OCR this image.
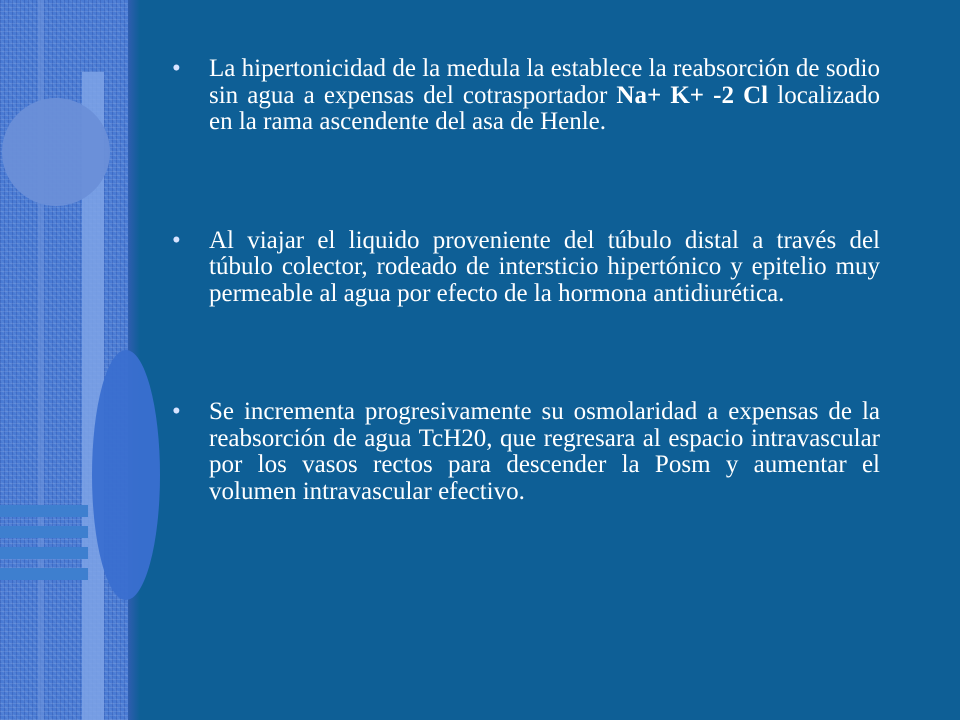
• La hipertonicidad de la medula la establece la reabsorción de sodio sin agua a expensas del cotrasportador Na+ K+ -2 Cl localizado en la rama ascendente del asa de Henle.
• Al viajar el liquido proveniente del túbulo distal a través del túbulo colector, rodeado de intersticio hipertónico y epitelio muy permeable al agua por efecto de la hormona antidiurética.
• Se incrementa progresivamente su osmolaridad a expensas de la reabsorción de agua TcH20, que regresara al espacio intravascular por los vasos rectos para descender la Posm y aumentar el volumen intravascular efectivo.
